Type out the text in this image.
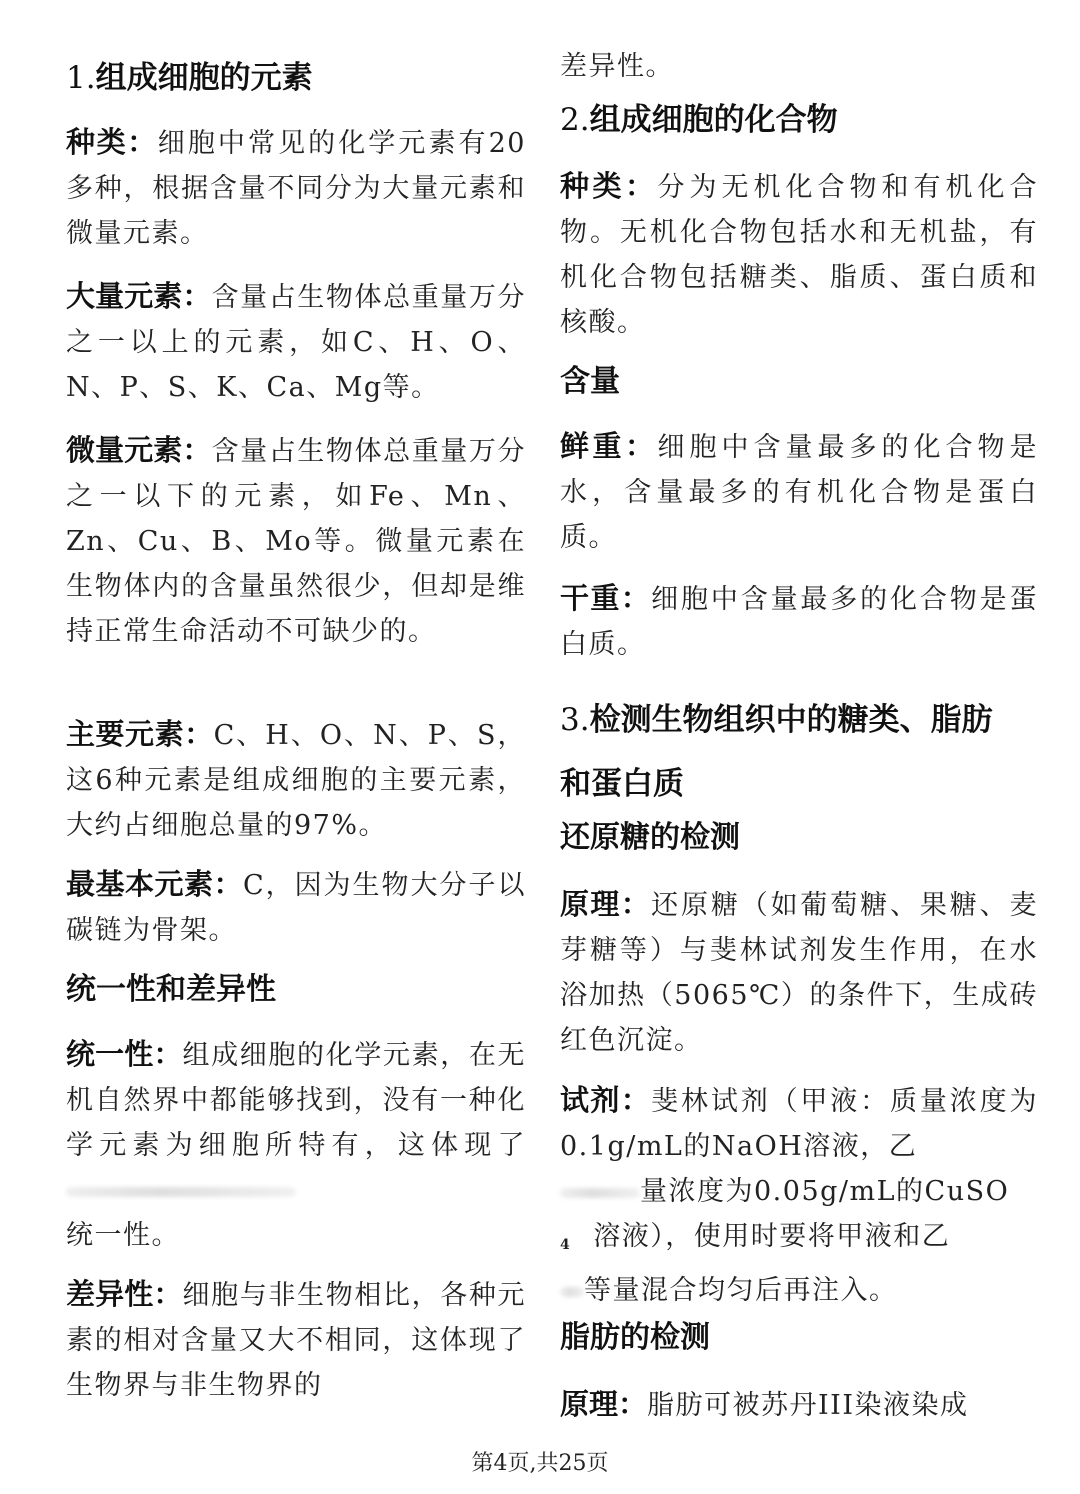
1.组成细胞的元素

种类：细胞中常见的化学元素有20多种，根据含量不同分为大量元素和微量元素。

大量元素：含量占生物体总重量万分之一以上的元素，如C、H、O、N、P、S、K、Ca、Mg等。

微量元素：含量占生物体总重量万分之一以下的元素，如Fe、Mn、Zn、Cu、B、Mo等。微量元素在生物体内的含量虽然很少，但却是维持正常生命活动不可缺少的。

主要元素：C、H、O、N、P、S，这6种元素是组成细胞的主要元素，大约占细胞总量的97%。

最基本元素：C，因为生物大分子以碳链为骨架。

统一性和差异性

统一性：组成细胞的化学元素，在无机自然界中都能够找到，没有一种化学元素为细胞所特有，这体现了
统一性。

差异性：细胞与非生物相比，各种元素的相对含量又大不相同，这体现了生物界与非生物界的

差异性。

2.组成细胞的化合物

种类：分为无机化合物和有机化合物。无机化合物包括水和无机盐，有机化合物包括糖类、脂质、蛋白质和核酸。

含量

鲜重：细胞中含量最多的化合物是水，含量最多的有机化合物是蛋白质。

干重：细胞中含量最多的化合物是蛋白质。

3.检测生物组织中的糖类、脂肪
和蛋白质
还原糖的检测

原理：还原糖（如葡萄糖、果糖、麦芽糖等）与斐林试剂发生作用，在水浴加热（5065℃）的条件下，生成砖红色沉淀。

试剂：斐林试剂（甲液：质量浓度为0.1g/mL的NaOH溶液，乙
量浓度为0.05g/mL的CuSO
4 溶液），使用时要将甲液和乙
等量混合均匀后再注入。

脂肪的检测

原理：脂肪可被苏丹III染液染成

第4页,共25页
